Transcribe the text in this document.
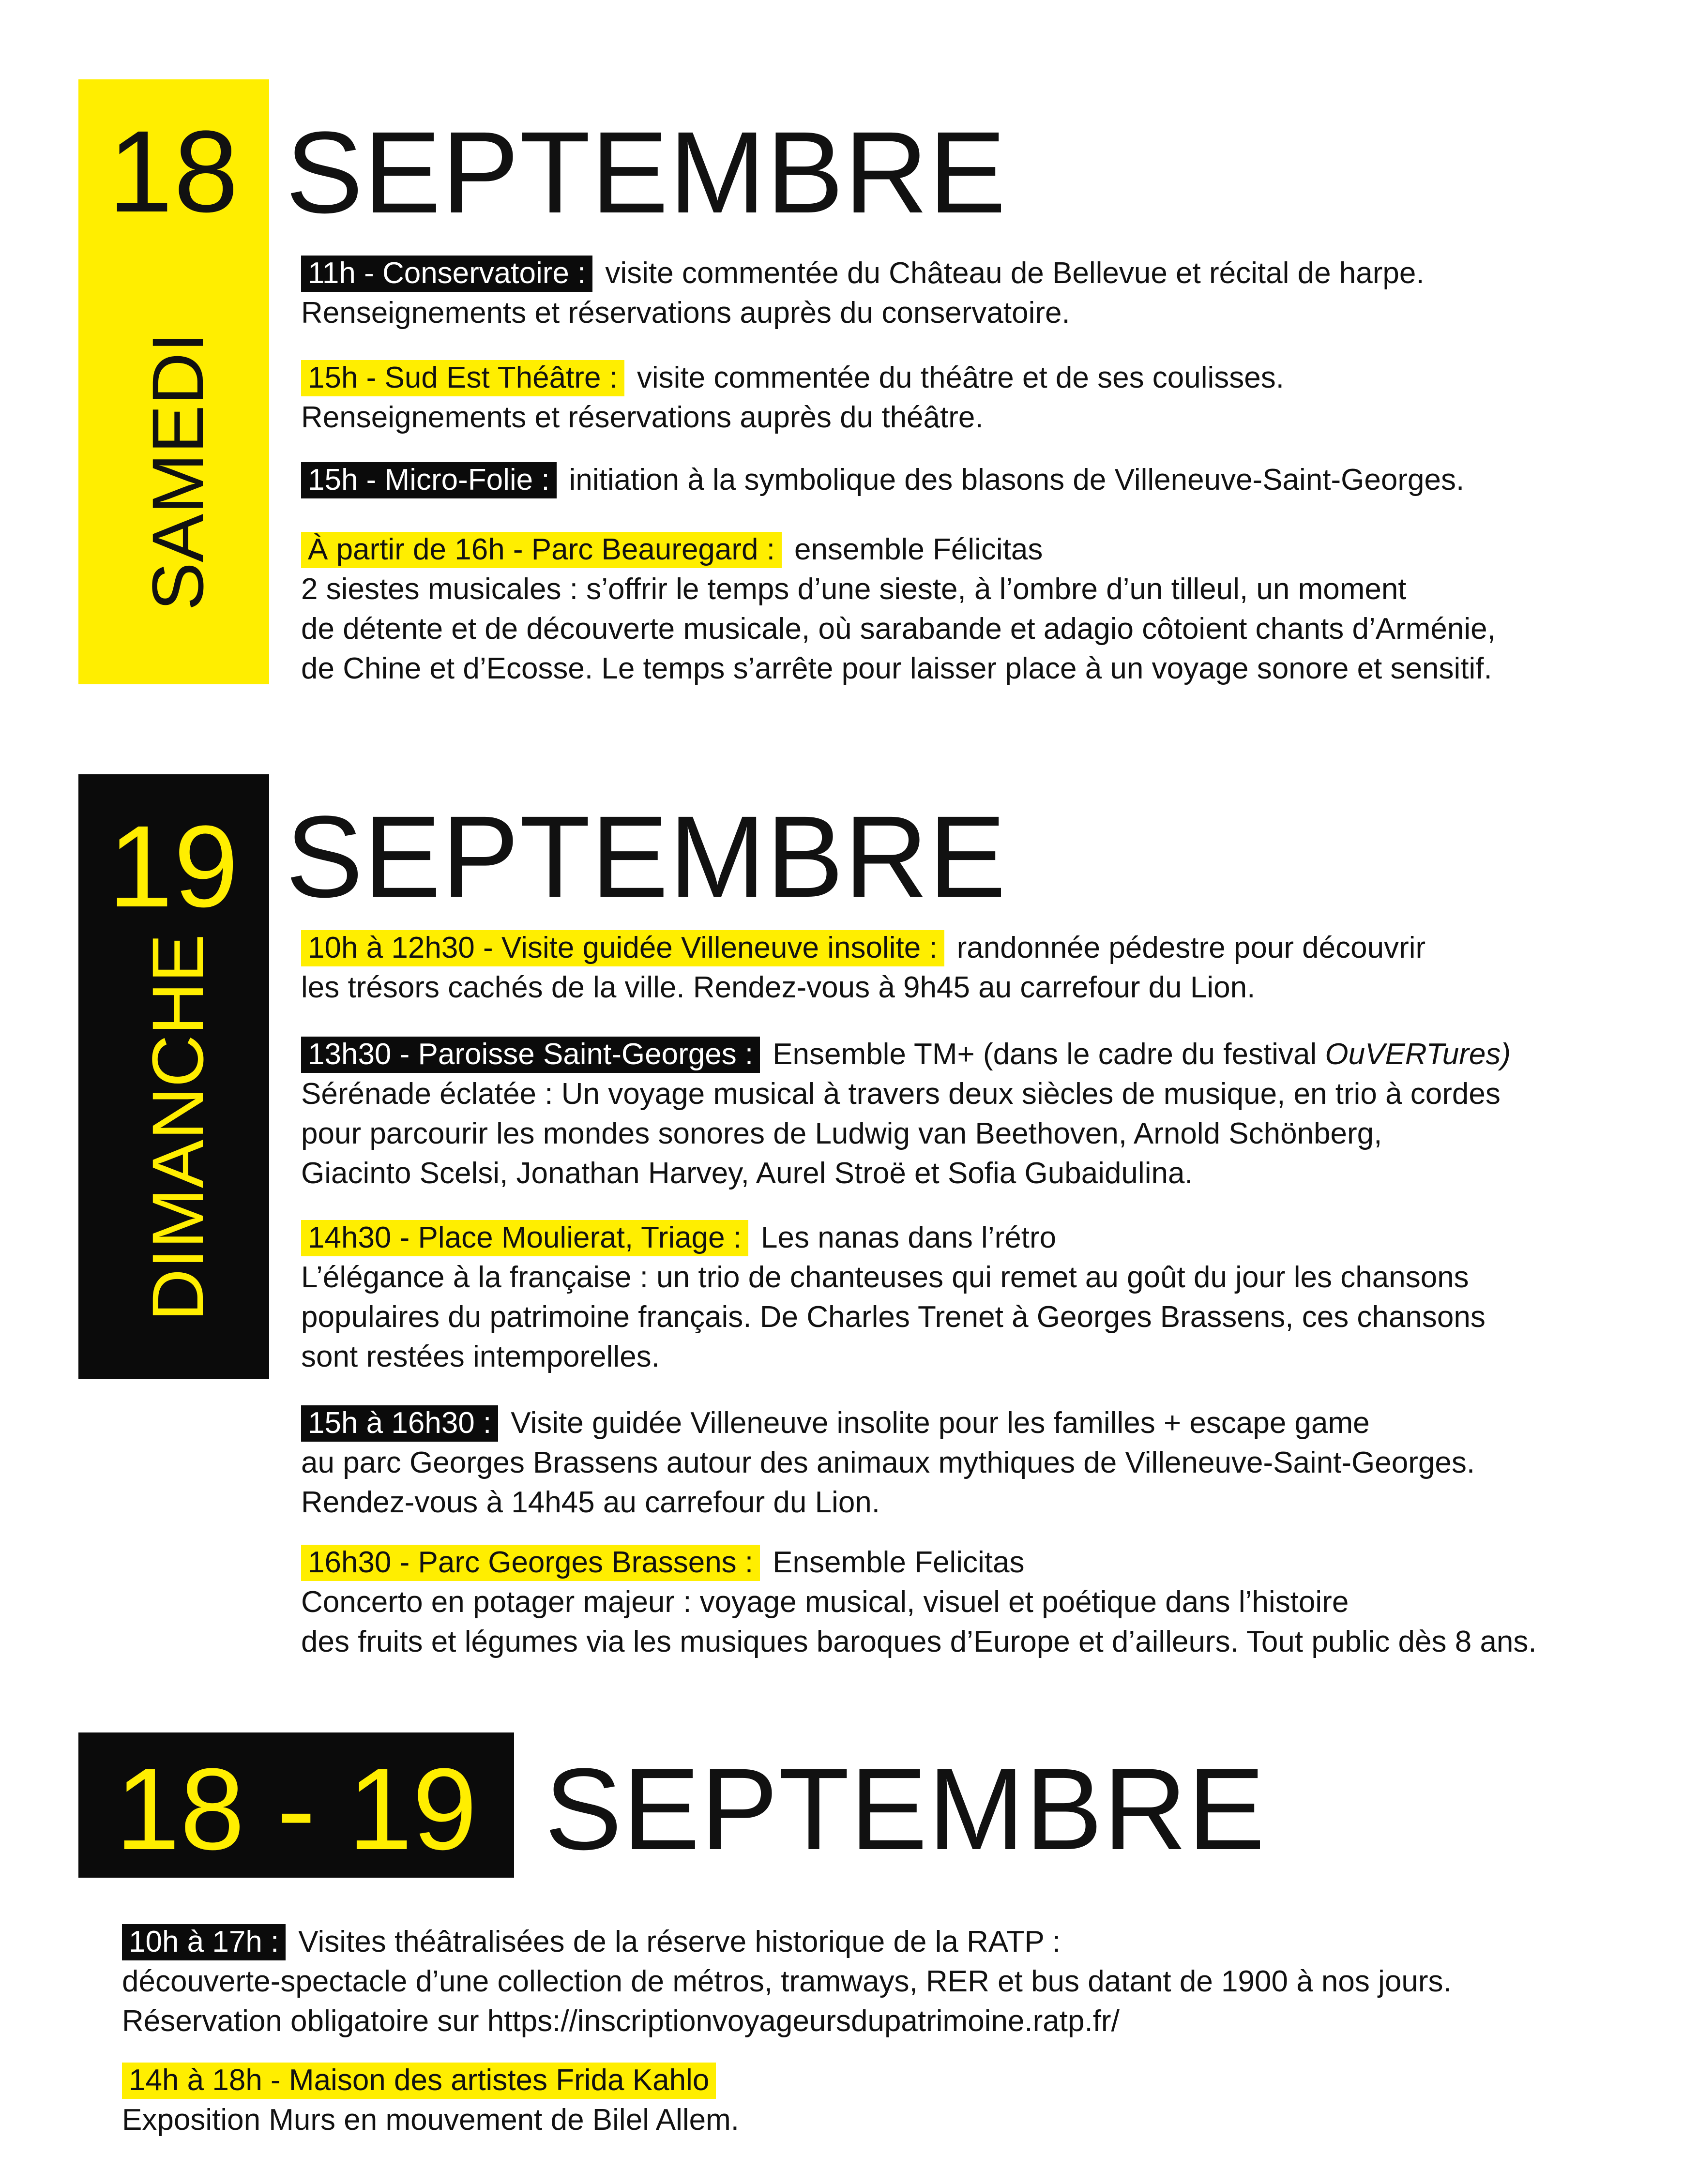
18
SAMEDI
SEPTEMBRE
11h - Conservatoire : visite commentée du Château de Bellevue et récital de harpe.
Renseignements et réservations auprès du conservatoire.
15h - Sud Est Théâtre : visite commentée du théâtre et de ses coulisses.
Renseignements et réservations auprès du théâtre.
15h - Micro-Folie : initiation à la symbolique des blasons de Villeneuve-Saint-Georges.
À partir de 16h - Parc Beauregard : ensemble Félicitas
2 siestes musicales : s’offrir le temps d’une sieste, à l’ombre d’un tilleul, un moment
de détente et de découverte musicale, où sarabande et adagio côtoient chants d’Arménie,
de Chine et d’Ecosse. Le temps s’arrête pour laisser place à un voyage sonore et sensitif.
19
DIMANCHE
SEPTEMBRE
10h à 12h30 - Visite guidée Villeneuve insolite : randonnée pédestre pour découvrir
les trésors cachés de la ville. Rendez-vous à 9h45 au carrefour du Lion.
13h30 - Paroisse Saint-Georges : Ensemble TM+ (dans le cadre du festival OuVERTures)
Sérénade éclatée : Un voyage musical à travers deux siècles de musique, en trio à cordes
pour parcourir les mondes sonores de Ludwig van Beethoven, Arnold Schönberg,
Giacinto Scelsi, Jonathan Harvey, Aurel Stroë et Sofia Gubaidulina.
14h30 - Place Moulierat, Triage : Les nanas dans l’rétro
L’élégance à la française : un trio de chanteuses qui remet au goût du jour les chansons
populaires du patrimoine français. De Charles Trenet à Georges Brassens, ces chansons
sont restées intemporelles.
15h à 16h30 : Visite guidée Villeneuve insolite pour les familles + escape game
au parc Georges Brassens autour des animaux mythiques de Villeneuve-Saint-Georges.
Rendez-vous à 14h45 au carrefour du Lion.
16h30 - Parc Georges Brassens : Ensemble Felicitas
Concerto en potager majeur : voyage musical, visuel et poétique dans l’histoire
des fruits et légumes via les musiques baroques d’Europe et d’ailleurs. Tout public dès 8 ans.
18 - 19 SEPTEMBRE
10h à 17h : Visites théâtralisées de la réserve historique de la RATP :
découverte-spectacle d’une collection de métros, tramways, RER et bus datant de 1900 à nos jours.
Réservation obligatoire sur https://inscriptionvoyageursdupatrimoine.ratp.fr/
14h à 18h - Maison des artistes Frida Kahlo
Exposition Murs en mouvement de Bilel Allem.
